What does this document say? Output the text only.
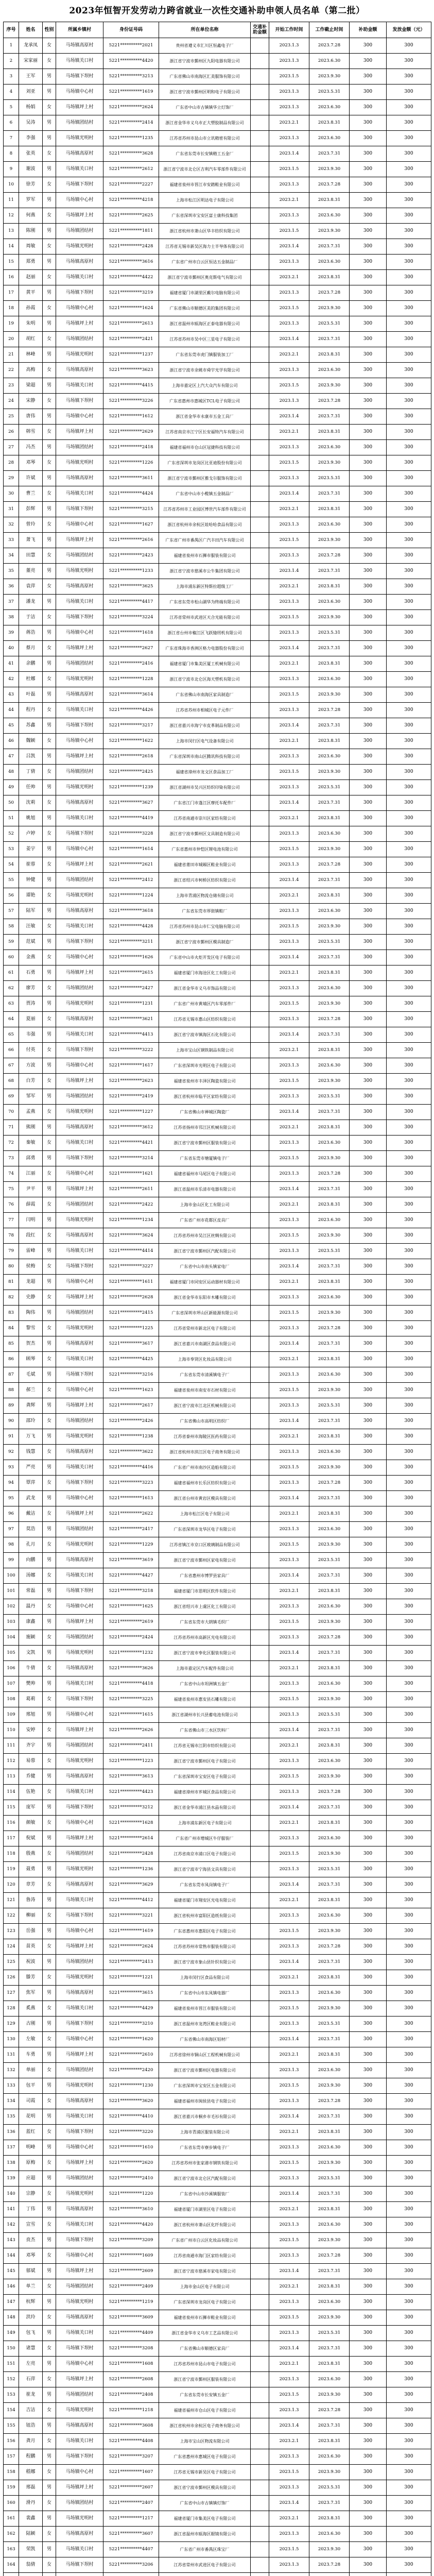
2023年恒智开发劳动力跨省就业一次性交通补助申领人员名单（第二批）
序号	姓名	性别	所属乡镇村	身份证号码	所在单位名称	交通补助金额	开始工作时间	工作截止时间	补助金额	发放金额（元）
1	龙承凤	女	马场镇高原村	5221**********2021	贵州省遵义市汇川区恒鑫电子厂		2023.1.3	2023.7.28	300	300
2	宋家丽	女	马场镇关口村	5221**********4420	浙江省宁波市鄞州区九阳电器有限公司		2023.1.3	2023.6.30	300	300
3	王军	男	马场镇下坝村	5221**********3213	广东省佛山市南海区汇美服饰有限公司		2023.1.5	2023.9.30	300	300
4	刘亚	男	马场镇中心村	5221**********1619	浙江省宁波市鄞州区明和电子有限公司		2023.1.3	2023.5.31	300	300
5	杨娟	女	马场镇坪上村	5221**********2624	广东省中山市古镇镇华立灯饰厂		2023.1.3	2023.6.30	300	300
6	吴涛	男	马场镇团结村	5221**********2414	浙江省金华市义乌市正大塑胶制品有限公司		2023.2.1	2023.8.31	300	300
7	李强	男	马场镇光明村	5221**********1235	江苏省苏州市昆山市立讯精密有限公司		2023.1.3	2023.6.30	300	300
8	张英	女	马场镇高原村	5221**********3628	广东省东莞市长安镇精工五金厂		2023.1.4	2023.7.31	300	300
9	谢波	男	马场镇关口村	5221**********2612	浙江省宁波市北仑区吉利汽车零部件有限公司		2023.1.5	2023.9.30	300	300
10	徐芳	女	马场镇下坝村	5221**********2227	福建省泉州市晋江市安踏鞋业有限公司		2023.1.3	2023.7.28	300	300
11	罗军	男	马场镇中心村	5221**********4218	上海市松江区明达电子有限公司		2023.2.1	2023.8.31	300	300
12	何燕	女	马场镇坪上村	5221**********2625	广东省深圳市宝安区富士康科技集团		2023.1.3	2023.6.30	300	300
13	陈刚	男	马场镇团结村	5221**********1811	浙江省杭州市萧山区华丰纺织有限公司		2023.1.5	2023.9.30	300	300
14	周敏	女	马场镇光明村	5221**********2428	江苏省无锡市新吴区海力士半导体有限公司		2023.1.4	2023.7.31	300	300
15	郑勇	男	马场镇高原村	5221**********3616	广东省广州市白云区恒达五金制品厂		2023.1.3	2023.6.30	300	300
16	赵丽	女	马场镇关口村	5221**********4422	浙江省宁波市鄞州区奥克斯电气有限公司		2023.2.1	2023.8.31	300	300
17	黄平	男	马场镇下坝村	5221**********3219	福建省厦门市湖里区戴尔电脑有限公司		2023.1.3	2023.7.28	300	300
18	孙霞	女	马场镇中心村	5221**********1624	广东省佛山市顺德区美的集团有限公司		2023.1.5	2023.9.30	300	300
19	朱明	男	马场镇坪上村	5221**********2613	浙江省温州市瓯海区正泰电器有限公司		2023.1.3	2023.5.31	300	300
20	胡红	女	马场镇团结村	5221**********2421	江苏省苏州市吴中区三星电子有限公司		2023.1.4	2023.7.31	300	300
21	林峰	男	马场镇光明村	5221**********1237	广东省东莞市虎门镇服装加工厂		2023.2.1	2023.8.31	300	300
22	高梅	女	马场镇高原村	5221**********3623	浙江省宁波市余姚市舜宇光学有限公司		2023.1.3	2023.6.30	300	300
23	梁超	男	马场镇关口村	5221**********4415	上海市嘉定区上汽大众汽车有限公司		2023.1.5	2023.9.30	300	300
24	宋静	女	马场镇下坝村	5221**********3226	广东省惠州市惠城区TCL电子有限公司		2023.1.3	2023.7.28	300	300
25	唐伟	男	马场镇中心村	5221**********1612	浙江省金华市永康市五金工具厂		2023.1.4	2023.7.31	300	300
26	韩雪	女	马场镇坪上村	5221**********2629	江苏省南京市江宁区长安福特汽车有限公司		2023.2.1	2023.8.31	300	300
27	冯杰	男	马场镇团结村	5221**********2418	福建省福州市仓山区冠捷科技有限公司		2023.1.3	2023.6.30	300	300
28	邓琴	女	马场镇光明村	5221**********1226	广东省深圳市龙岗区比亚迪股份有限公司		2023.1.5	2023.9.30	300	300
29	许斌	男	马场镇高原村	5221**********3611	浙江省宁波市鄞州区雅戈尔服饰有限公司		2023.1.3	2023.5.31	300	300
30	曹兰	女	马场镇关口村	5221**********4424	广东省中山市小榄镇五金制品厂		2023.1.4	2023.7.31	300	300
31	彭辉	男	马场镇下坝村	5221**********3215	江苏省苏州市工业园区博世汽车部件有限公司		2023.2.1	2023.8.31	300	300
32	曾玲	女	马场镇中心村	5221**********1627	浙江省杭州市余杭区娃哈哈食品有限公司		2023.1.3	2023.6.30	300	300
33	萧飞	男	马场镇坪上村	5221**********2616	广东省广州市番禺区广汽丰田汽车有限公司		2023.1.5	2023.9.30	300	300
34	田慧	女	马场镇团结村	5221**********2423	福建省泉州市石狮市服装有限公司		2023.1.3	2023.7.28	300	300
35	董亮	男	马场镇光明村	5221**********1233	浙江省宁波市慈溪市公牛集团有限公司		2023.1.4	2023.7.31	300	300
36	袁萍	女	马场镇高原村	5221**********3625	上海市浦东新区特斯拉超级工厂		2023.2.1	2023.8.31	300	300
37	潘龙	男	马场镇关口村	5221**********4417	广东省东莞市松山湖华为终端有限公司		2023.1.3	2023.6.30	300	300
38	于洁	女	马场镇下坝村	5221**********3224	江苏省常州市武进区天合光能有限公司		2023.1.5	2023.9.30	300	300
39	蒋浩	男	马场镇中心村	5221**********1618	浙江省台州市椒江区飞跃缝纫机有限公司		2023.1.3	2023.5.31	300	300
40	蔡月	女	马场镇坪上村	5221**********2627	广东省珠海市香洲区格力电器股份有限公司		2023.1.4	2023.7.31	300	300
41	余鹏	男	马场镇团结村	5221**********2416	福建省厦门市集美区厦工机械有限公司		2023.2.1	2023.8.31	300	300
42	杜娜	女	马场镇光明村	5221**********1228	浙江省宁波市北仑区海天塑机有限公司		2023.1.3	2023.6.30	300	300
43	叶磊	男	马场镇高原村	5221**********3614	广东省佛山市南海区家具制造厂		2023.1.5	2023.9.30	300	300
44	程丹	女	马场镇关口村	5221**********4426	江苏省苏州市相城区电子元件厂		2023.1.3	2023.7.28	300	300
45	苏鑫	男	马场镇下坝村	5221**********3217	浙江省嘉兴市海宁市皮革制品有限公司		2023.1.4	2023.7.31	300	300
46	魏颖	女	马场镇中心村	5221**********1622	上海市闵行区电气设备有限公司		2023.2.1	2023.8.31	300	300
47	吕凯	男	马场镇坪上村	5221**********2618	广东省深圳市南山区腾讯科技有限公司		2023.1.3	2023.6.30	300	300
48	丁倩	女	马场镇团结村	5221**********2425	福建省漳州市龙文区食品加工厂		2023.1.5	2023.9.30	300	300
49	任帅	男	马场镇光明村	5221**********1239	浙江省湖州市吴兴区纺织印染有限公司		2023.1.3	2023.5.31	300	300
50	沈莉	女	马场镇高原村	5221**********3627	广东省江门市蓬江区摩托车配件厂		2023.1.4	2023.7.31	300	300
51	姚旭	男	马场镇关口村	5221**********4419	江苏省南通市崇川区家纺有限公司		2023.2.1	2023.8.31	300	300
52	卢婷	女	马场镇下坝村	5221**********3228	浙江省宁波市鄞州区文具制造有限公司		2023.1.3	2023.6.30	300	300
53	姜宇	男	马场镇中心村	5221**********1614	广东省惠州市仲恺区锂电池有限公司		2023.1.5	2023.9.30	300	300
54	崔蓉	女	马场镇坪上村	5221**********2621	福建省莆田市城厢区鞋业有限公司		2023.1.3	2023.7.28	300	300
55	钟健	男	马场镇团结村	5221**********2412	浙江省绍兴市柯桥区纺织有限公司		2023.1.4	2023.7.31	300	300
56	谭艳	女	马场镇光明村	5221**********1224	上海市青浦区物流仓储有限公司		2023.2.1	2023.8.31	300	300
57	陆军	男	马场镇高原村	5221**********3618	广东省东莞市厚街镇鞋厂		2023.1.3	2023.6.30	300	300
58	汪敏	女	马场镇关口村	5221**********4428	江苏省苏州市昆山市仁宝电脑有限公司		2023.1.5	2023.9.30	300	300
59	范斌	男	马场镇下坝村	5221**********3211	浙江省宁波市鄞州区模具制造厂		2023.1.3	2023.5.31	300	300
60	金燕	女	马场镇中心村	5221**********1626	广东省中山市火炬开发区电子有限公司		2023.1.4	2023.7.31	300	300
61	石勇	男	马场镇坪上村	5221**********2615	福建省厦门市海沧区化工有限公司		2023.2.1	2023.8.31	300	300
62	廖芳	女	马场镇团结村	5221**********2427	浙江省金华市义乌市饰品有限公司		2023.1.3	2023.6.30	300	300
63	贾涛	男	马场镇光明村	5221**********1231	广东省广州市黄埔区汽车零部件厂		2023.1.5	2023.9.30	300	300
64	夏丽	女	马场镇高原村	5221**********3621	江苏省无锡市惠山区纺织有限公司		2023.1.3	2023.7.28	300	300
65	韦强	男	马场镇关口村	5221**********4413	浙江省宁波市镇海区石化有限公司		2023.1.4	2023.7.31	300	300
66	付英	女	马场镇下坝村	5221**********3222	上海市宝山区钢铁制品有限公司		2023.2.1	2023.8.31	300	300
67	方波	男	马场镇中心村	5221**********1617	广东省深圳市光明区电子有限公司		2023.1.3	2023.6.30	300	300
68	白芳	女	马场镇坪上村	5221**********2623	福建省泉州市丰泽区陶瓷有限公司		2023.1.5	2023.9.30	300	300
69	邹军	男	马场镇团结村	5221**********2419	浙江省杭州市临平区家纺有限公司		2023.1.3	2023.5.31	300	300
70	孟燕	女	马场镇光明村	5221**********1227	广东省佛山市禅城区陶瓷厂		2023.1.4	2023.7.31	300	300
71	熊刚	男	马场镇高原村	5221**********3612	江苏省扬州市邗江区机械有限公司		2023.2.1	2023.8.31	300	300
72	秦敏	女	马场镇关口村	5221**********4421	浙江省宁波市鄞州区服装有限公司		2023.1.3	2023.6.30	300	300
73	邱勇	男	马场镇下坝村	5221**********3214	广东省东莞市塘厦镇电子厂		2023.1.5	2023.9.30	300	300
74	江丽	女	马场镇中心村	5221**********1621	福建省福州市马尾区电子有限公司		2023.1.3	2023.7.28	300	300
75	尹平	男	马场镇坪上村	5221**********2611	浙江省温州市乐清市电器有限公司		2023.1.4	2023.7.31	300	300
76	薛霞	女	马场镇团结村	5221**********2422	上海市金山区化工有限公司		2023.2.1	2023.8.31	300	300
77	闫明	男	马场镇光明村	5221**********1234	广东省广州市花都区皮具厂		2023.1.3	2023.6.30	300	300
78	段红	女	马场镇高原村	5221**********3624	江苏省苏州市吴江区丝绸有限公司		2023.1.5	2023.9.30	300	300
79	雷峰	男	马场镇关口村	5221**********4414	浙江省宁波市鄞州区汽配有限公司		2023.1.3	2023.5.31	300	300
80	侯梅	女	马场镇下坝村	5221**********3227	广东省中山市南头镇家电厂		2023.1.4	2023.7.31	300	300
81	龙超	男	马场镇中心村	5221**********1611	福建省厦门市同安区运动器材有限公司		2023.2.1	2023.8.31	300	300
82	史静	女	马场镇坪上村	5221**********2628	浙江省金华市东阳市木雕有限公司		2023.1.3	2023.6.30	300	300
83	陶伟	男	马场镇团结村	5221**********2415	广东省深圳市坪山区新能源有限公司		2023.1.5	2023.9.30	300	300
84	黎雪	女	马场镇光明村	5221**********1225	江苏省常州市新北区电子有限公司		2023.1.3	2023.7.28	300	300
85	贺杰	男	马场镇高原村	5221**********3617	浙江省嘉兴市南湖区食品有限公司		2023.1.4	2023.7.31	300	300
86	顾琴	女	马场镇关口村	5221**********4425	上海市奉贤区化妆品有限公司		2023.2.1	2023.8.31	300	300
87	毛斌	男	马场镇下坝村	5221**********3216	广东省东莞市清溪镇电子厂		2023.1.3	2023.6.30	300	300
88	郝兰	女	马场镇中心村	5221**********1623	福建省泉州市南安市石材有限公司		2023.1.5	2023.9.30	300	300
89	龚辉	男	马场镇坪上村	5221**********2617	浙江省宁波市江北区机械有限公司		2023.1.3	2023.5.31	300	300
90	邵玲	女	马场镇团结村	5221**********2426	广东省佛山市高明区纺织厂		2023.1.4	2023.7.31	300	300
91	万飞	男	马场镇光明村	5221**********1238	江苏省泰州市海陵区医药有限公司		2023.2.1	2023.8.31	300	300
92	钱慧	女	马场镇高原村	5221**********3622	浙江省杭州市滨江区电子商务有限公司		2023.1.3	2023.6.30	300	300
93	严亮	男	马场镇关口村	5221**********4416	广东省广州市南沙区造船有限公司		2023.1.5	2023.9.30	300	300
94	覃萍	女	马场镇下坝村	5221**********3223	福建省福州市长乐区纺织有限公司		2023.1.3	2023.7.28	300	300
95	武龙	男	马场镇中心村	5221**********1613	浙江省台州市黄岩区模具有限公司		2023.1.4	2023.7.31	300	300
96	戴洁	女	马场镇坪上村	5221**********2622	上海市松江区电子有限公司		2023.2.1	2023.8.31	300	300
97	莫浩	男	马场镇团结村	5221**********2417	广东省深圳市龙华区电子有限公司		2023.1.3	2023.6.30	300	300
98	孔月	女	马场镇光明村	5221**********1229	江苏省镇江市京口区玻璃制品有限公司		2023.1.5	2023.9.30	300	300
99	向鹏	男	马场镇高原村	5221**********3619	浙江省宁波市鄞州区家电有限公司		2023.1.3	2023.5.31	300	300
100	汤娜	女	马场镇关口村	5221**********4427	广东省惠州市博罗县家具厂		2023.1.4	2023.7.31	300	300
101	常磊	男	马场镇下坝村	5221**********3218	福建省厦门市思明区软件有限公司		2023.2.1	2023.8.31	300	300
102	温丹	女	马场镇中心村	5221**********1625	浙江省绍兴市上虞区化工有限公司		2023.1.3	2023.6.30	300	300
103	康鑫	男	马场镇坪上村	5221**********2619	广东省东莞市大朗镇毛织厂		2023.1.5	2023.9.30	300	300
104	施颖	女	马场镇团结村	5221**********2424	江苏省苏州市高新区光电有限公司		2023.1.3	2023.7.28	300	300
105	文凯	男	马场镇光明村	5221**********1232	浙江省宁波市奉化区服装有限公司		2023.1.4	2023.7.31	300	300
106	牛倩	女	马场镇高原村	5221**********3626	上海市嘉定区汽车配件有限公司		2023.2.1	2023.8.31	300	300
107	樊帅	男	马场镇关口村	5221**********4418	广东省中山市坦洲镇五金厂		2023.1.3	2023.6.30	300	300
108	葛莉	女	马场镇下坝村	5221**********3225	福建省泉州市惠安县石雕有限公司		2023.1.5	2023.9.30	300	300
109	邢旭	男	马场镇中心村	5221**********1615	浙江省湖州市长兴县蓄电池有限公司		2023.1.3	2023.5.31	300	300
110	安婷	女	马场镇坪上村	5221**********2626	广东省佛山市三水区饮料厂		2023.1.4	2023.7.31	300	300
111	齐宇	男	马场镇团结村	5221**********2411	江苏省无锡市江阴市纺织有限公司		2023.2.1	2023.8.31	300	300
112	易蓉	女	马场镇光明村	5221**********1223	浙江省宁波市鄞州区电子有限公司		2023.1.3	2023.6.30	300	300
113	乔健	男	马场镇高原村	5221**********3613	广东省深圳市宝安区电子有限公司		2023.1.5	2023.9.30	300	300
114	伍艳	女	马场镇关口村	5221**********4423	福建省漳州市芗城区食品有限公司		2023.1.3	2023.7.28	300	300
115	庞军	男	马场镇下坝村	5221**********3212	浙江省金华市浦江县水晶有限公司		2023.1.4	2023.7.31	300	300
116	颜敏	女	马场镇中心村	5221**********1628	上海市浦东新区电子有限公司		2023.2.1	2023.8.31	300	300
117	倪斌	男	马场镇坪上村	5221**********2614	广东省广州市增城区牛仔服装厂		2023.1.3	2023.6.30	300	300
118	殷燕	女	马场镇团结村	5221**********2428	江苏省南京市浦口区电子有限公司		2023.1.5	2023.9.30	300	300
119	聂勇	男	马场镇光明村	5221**********1236	浙江省宁波市宁海县文具有限公司		2023.1.3	2023.5.31	300	300
120	章芳	女	马场镇高原村	5221**********3629	广东省东莞市凤岗镇电子厂		2023.1.4	2023.7.31	300	300
121	鲁涛	男	马场镇关口村	5221**********4412	福建省厦门市翔安区光电有限公司		2023.2.1	2023.8.31	300	300
122	柳丽	女	马场镇下坝村	5221**********3221	浙江省杭州市富阳区造纸有限公司		2023.1.3	2023.6.30	300	300
123	岳强	男	马场镇中心村	5221**********1619	广东省惠州市惠阳区电子有限公司		2023.1.5	2023.9.30	300	300
124	苗英	女	马场镇坪上村	5221**********2624	江苏省苏州市常熟市服装有限公司		2023.1.3	2023.7.28	300	300
125	祝波	男	马场镇团结村	5221**********2413	浙江省宁波市象山县针织有限公司		2023.1.4	2023.7.31	300	300
126	滕芳	女	马场镇光明村	5221**********1221	上海市闵行区食品有限公司		2023.2.1	2023.8.31	300	300
127	焦军	男	马场镇高原村	5221**********3615	广东省中山市东凤镇电器厂		2023.1.3	2023.6.30	300	300
128	奚燕	女	马场镇关口村	5221**********4429	福建省泉州市晋江市服装有限公司		2023.1.5	2023.9.30	300	300
129	古刚	男	马场镇下坝村	5221**********3210	浙江省温州市龙湾区鞋业有限公司		2023.1.3	2023.5.31	300	300
130	左敏	女	马场镇中心村	5221**********1620	广东省佛山市南海区铝材厂		2023.1.4	2023.7.31	300	300
131	车勇	男	马场镇坪上村	5221**********2610	江苏省徐州市铜山区工程机械有限公司		2023.2.1	2023.8.31	300	300
132	单丽	女	马场镇团结村	5221**********2420	浙江省宁波市鄞州区电器有限公司		2023.1.3	2023.6.30	300	300
133	包平	男	马场镇光明村	5221**********1230	广东省深圳市宝安区五金有限公司		2023.1.5	2023.9.30	300	300
134	司霞	女	马场镇高原村	5221**********3620	福建省福州市闽侯县电子有限公司		2023.1.3	2023.7.28	300	300
135	花明	男	马场镇关口村	5221**********4410	浙江省嘉兴市桐乡市毛衫有限公司		2023.1.4	2023.7.31	300	300
136	蓝红	女	马场镇下坝村	5221**********3220	上海市青浦区服装有限公司		2023.2.1	2023.8.31	300	300
137	明峰	男	马场镇中心村	5221**********1610	广东省东莞市寮步镇电子厂		2023.1.3	2023.6.30	300	300
138	原梅	女	马场镇坪上村	5221**********2620	江苏省苏州市张家港市钢铁有限公司		2023.1.5	2023.9.30	300	300
139	应超	男	马场镇团结村	5221**********2410	浙江省宁波市北仑区汽配有限公司		2023.1.3	2023.5.31	300	300
140	宗静	女	马场镇光明村	5221**********1220	广东省中山市沙溪镇服装厂		2023.1.4	2023.7.31	300	300
141	丁伟	男	马场镇高原村	5221**********3610	福建省厦门市湖里区电子有限公司		2023.2.1	2023.8.31	300	300
142	宣雪	女	马场镇关口村	5221**********4420	浙江省杭州市萧山区化纤有限公司		2023.1.3	2023.6.30	300	300
143	贲杰	男	马场镇下坝村	5221**********3209	广东省广州市白云区化妆品有限公司		2023.1.5	2023.9.30	300	300
144	邓琴	女	马场镇中心村	5221**********1609	江苏省南通市海门区家纺有限公司		2023.1.3	2023.7.28	300	300
145	郁斌	男	马场镇坪上村	5221**********2609	浙江省宁波市慈溪市家电有限公司		2023.1.4	2023.7.31	300	300
146	单兰	女	马场镇团结村	5221**********2409	上海市金山区电子有限公司		2023.2.1	2023.8.31	300	300
147	杭辉	男	马场镇光明村	5221**********1219	广东省深圳市龙岗区电子有限公司		2023.1.3	2023.6.30	300	300
148	洪玲	女	马场镇高原村	5221**********3609	福建省泉州市石狮市鞋业有限公司		2023.1.5	2023.9.30	300	300
149	包飞	男	马场镇关口村	5221**********4409	浙江省金华市义乌市工艺品有限公司		2023.1.3	2023.5.31	300	300
150	诸慧	女	马场镇下坝村	5221**********3208	广东省佛山市顺德区家具厂		2023.1.4	2023.7.31	300	300
151	左亮	男	马场镇中心村	5221**********1608	江苏省苏州市昆山市电子有限公司		2023.2.1	2023.8.31	300	300
152	石萍	女	马场镇坪上村	5221**********2608	浙江省宁波市鄞州区服装有限公司		2023.1.3	2023.6.30	300	300
153	崔龙	男	马场镇团结村	5221**********2408	广东省东莞市长安镇五金厂		2023.1.5	2023.9.30	300	300
154	吉洁	女	马场镇光明村	5221**********1218	福建省福州市仓山区电子有限公司		2023.1.3	2023.7.28	300	300
155	钮浩	男	马场镇高原村	5221**********3608	浙江省杭州市余杭区电子商务有限公司		2023.1.4	2023.7.31	300	300
156	龚月	女	马场镇关口村	5221**********4408	上海市宝山区物流有限公司		2023.2.1	2023.8.31	300	300
157	程鹏	男	马场镇下坝村	5221**********3207	广东省惠州市惠城区电子有限公司		2023.1.3	2023.6.30	300	300
158	嵇娜	女	马场镇中心村	5221**********1607	江苏省无锡市新吴区电子有限公司		2023.1.5	2023.9.30	300	300
159	邢磊	男	马场镇坪上村	5221**********2607	浙江省宁波市鄞州区模具有限公司		2023.1.3	2023.5.31	300	300
160	滑丹	女	马场镇团结村	5221**********2407	广东省中山市古镇镇灯饰厂		2023.1.4	2023.7.31	300	300
161	裴鑫	男	马场镇光明村	5221**********1217	福建省厦门市集美区电子有限公司		2023.2.1	2023.8.31	300	300
162	陆颖	女	马场镇高原村	5221**********3607	浙江省温州市瓯海区眼镜有限公司		2023.1.3	2023.6.30	300	300
163	荣凯	男	马场镇关口村	5221**********4407	广东省广州市番禺区珠宝厂		2023.1.5	2023.9.30	300	300
164	翁倩	女	马场镇下坝村	5221**********3206	江苏省常州市武进区电子有限公司		2023.1.3	2023.7.28	300	300
